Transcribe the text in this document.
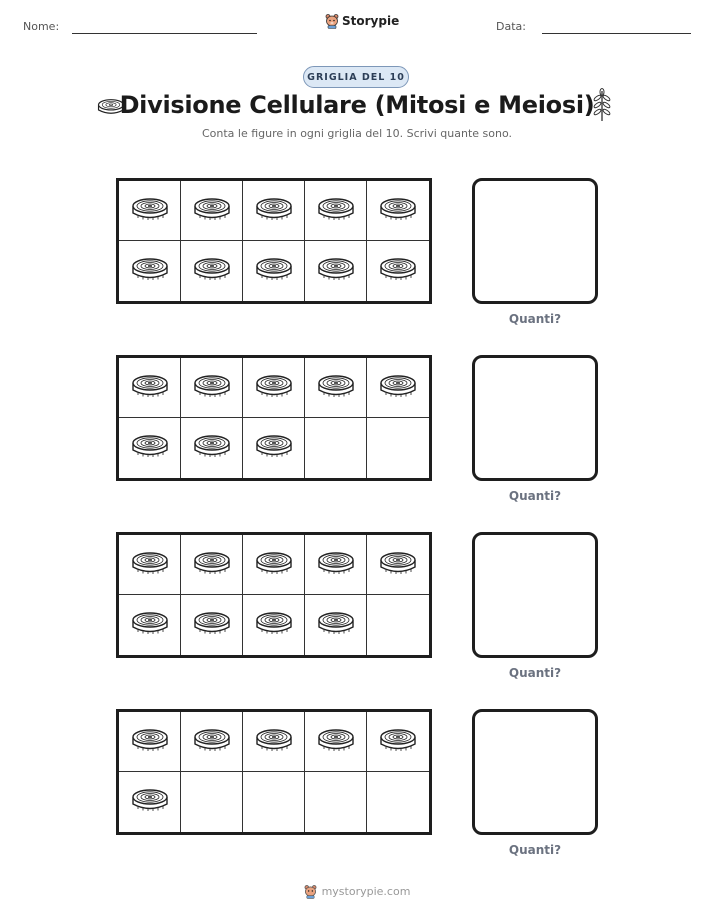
Nome:	Storypie	Data:
GRIGLIA DEL 10
Divisione Cellulare (Mitosi e Meiosi)
Conta le figure in ogni griglia del 10. Scrivi quante sono.
Quanti?
Quanti?
Quanti?
Quanti?
mystorypie.com
